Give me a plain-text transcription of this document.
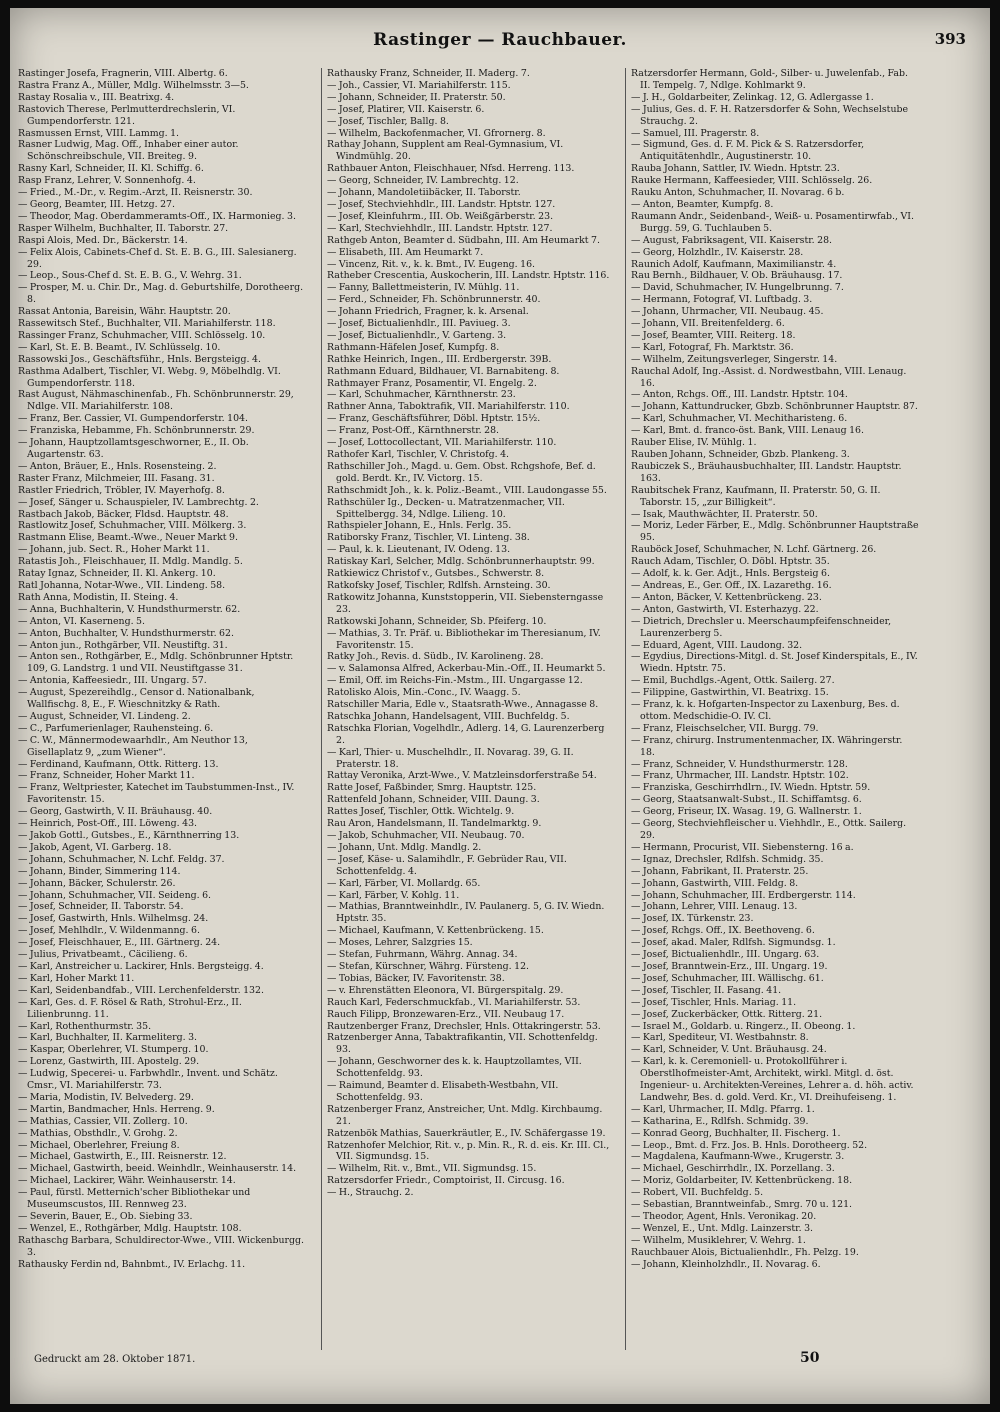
Rastinger — Rauchbauer.	393
Rastinger Josefa, Fragnerin, VIII. Albertg. 6.
Rastra Franz A., Müller, Mdlg. Wilhelmsstr. 3—5.
Rastay Rosalia v., III. Beatrixg. 4.
Rastovich Therese, Perlmutterdrechslerin, VI. Gumpendorferstr. 121.
Rasmussen Ernst, VIII. Lammg. 1.
Rasner Ludwig, Mag. Off., Inhaber einer autor. Schönschreibschule, VII. Breiteg. 9.
Rasny Karl, Schneider, II. Kl. Schiffg. 6.
Rasp Franz, Lehrer, V. Sonnenhofg. 4.
— Fried., M.-Dr., v. Regim.-Arzt, II. Reisnerstr. 30.
— Georg, Beamter, III. Hetzg. 27.
— Theodor, Mag. Oberdammeramts-Off., IX. Harmoniеg. 3.
Rasper Wilhelm, Buchhalter, II. Taborstr. 27.
Raspi Alois, Med. Dr., Bäckerstr. 14.
— Felix Alois, Cabinets-Chef d. St. E. B. G., III. Salesianerg. 29.
— Leop., Sous-Chef d. St. E. B. G., V. Wehrg. 31.
— Prosper, M. u. Chir. Dr., Mag. d. Geburtshilfe, Dorotheerg. 8.
Rassat Antonia, Bareisin, Währ. Hauptstr. 20.
Rassewitsch Stef., Buchhalter, VII. Mariahilferstr. 118.
Rassinger Franz, Schuhmacher, VIII. Schlösselg. 10.
— Karl, St. E. B. Beamt., IV. Schlüsselg. 10.
Rassowski Jos., Geschäftsführ., Hnls. Bergsteigg. 4.
Rasthma Adalbert, Tischler, VI. Webg. 9, Möbelhdlg. VI. Gumpendorferstr. 118.
Rast August, Nähmaschinenfab., Fh. Schönbrunnerstr. 29, Ndlge. VII. Mariahilferstr. 108.
— Franz, Ber. Cassier, VI. Gumpendorferstr. 104.
— Franziska, Hebamme, Fh. Schönbrunnerstr. 29.
— Johann, Hauptzollamtsgeschworner, E., II. Ob. Augartenstr. 63.
— Anton, Bräuer, E., Hnls. Rosensteing. 2.
Raster Franz, Milchmeier, III. Fasang. 31.
Rastler Friedrich, Tröbler, IV. Mayerhofg. 8.
— Josef, Sänger u. Schauspieler, IV. Lambrechtg. 2.
Rastbach Jakob, Bäcker, Fldsd. Hauptstr. 48.
Rastlowitz Josef, Schuhmacher, VIII. Mölkerg. 3.
Rastmann Elise, Beamt.-Wwe., Neuer Markt 9.
— Johann, jub. Sect. R., Hoher Markt 11.
Ratastis Joh., Fleischhauer, II. Mdlg. Mandlg. 5.
Ratay Ignaz, Schneider, II. Kl. Ankerg. 10.
Ratl Johanna, Notar-Wwe., VII. Lindeng. 58.
Rath Anna, Modistin, II. Steing. 4.
— Anna, Buchhalterin, V. Hundsthurmerstr. 62.
— Anton, VI. Kaserneng. 5.
— Anton, Buchhalter, V. Hundsthurmerstr. 62.
— Anton jun., Rothgärber, VII. Neustiftg. 31.
— Anton sen., Rothgärber, E., Mdlg. Schönbrunner Hptstr. 109, G. Landstrg. 1 und VII. Neustiftgasse 31.
— Antonia, Kaffeesiedr., III. Ungarg. 57.
— August, Spezereihdlg., Censor d. Nationalbank, Wallfischg. 8, E., F. Wieschnitzky & Rath.
— August, Schneider, VI. Lindeng. 2.
— C., Parfumerienlager, Rauhensteing. 6.
— C. W., Männermodewaarhdlr., Am Neuthor 13, Gisellaplatz 9, „zum Wiener“.
— Ferdinand, Kaufmann, Ottk. Ritterg. 13.
— Franz, Schneider, Hoher Markt 11.
— Franz, Weltpriester, Katechet im Taubstummen-Inst., IV. Favoritenstr. 15.
— Georg, Gastwirth, V. II. Bräuhausg. 40.
— Heinrich, Post-Off., III. Löweng. 43.
— Jakob Gottl., Gutsbes., E., Kärnthnerring 13.
— Jakob, Agent, VI. Garberg. 18.
— Johann, Schuhmacher, N. Lchf. Feldg. 37.
— Johann, Binder, Simmering 114.
— Johann, Bäcker, Schulerstr. 26.
— Johann, Schuhmacher, VII. Seideng. 6.
— Josef, Schneider, II. Taborstr. 54.
— Josef, Gastwirth, Hnls. Wilhelmsg. 24.
— Josef, Mehlhdlr., V. Wildenmanng. 6.
— Josef, Fleischhauer, E., III. Gärtnerg. 24.
— Julius, Privatbeamt., Cäcilieng. 6.
— Karl, Anstreicher u. Lackirer, Hnls. Bergsteigg. 4.
— Karl, Hoher Markt 11.
— Karl, Seidenbandfab., VIII. Lerchenfelderstr. 132.
— Karl, Ges. d. F. Rösel & Rath, Strohul-Erz., II. Lilienbrunng. 11.
— Karl, Rothenthurmstr. 35.
— Karl, Buchhalter, II. Karmeliterg. 3.
— Kaspar, Oberlehrer, VI. Stumperg. 10.
— Lorenz, Gastwirth, III. Apostelg. 29.
— Ludwig, Specerei- u. Farbwhdlr., Invent. und Schätz. Cmsr., VI. Mariahilferstr. 73.
— Maria, Modistin, IV. Belvederg. 29.
— Martin, Bandmacher, Hnls. Herreng. 9.
— Mathias, Cassier, VII. Zollerg. 10.
— Mathias, Obsthdlr., V. Grohg. 2.
— Michael, Oberlehrer, Freiung 8.
— Michael, Gastwirth, E., III. Reisnerstr. 12.
— Michael, Gastwirth, beeid. Weinhdlr., Weinhauserstr. 14.
— Michael, Lackirer, Währ. Weinhauserstr. 14.
— Paul, fürstl. Metternich'scher Bibliothekar und Museumscustos, III. Rennweg 23.
— Severin, Bauer, E., Ob. Siebing 33.
— Wenzel, E., Rothgärber, Mdlg. Hauptstr. 108.
Rathaschg Barbara, Schuldirector-Wwe., VIII. Wickenburgg. 3.
Rathausky Ferdin nd, Bahnbmt., IV. Erlachg. 11.
Rathausky Franz, Schneider, II. Maderg. 7.
— Joh., Cassier, VI. Mariahilferstr. 115.
— Johann, Schneider, II. Praterstr. 50.
— Josef, Platirer, VII. Kaiserstr. 6.
— Josef, Tischler, Ballg. 8.
— Wilhelm, Backofenmacher, VI. Gfrornerg. 8.
Rathay Johann, Supplent am Real-Gymnasium, VI. Windmühlg. 20.
Rathbauer Anton, Fleischhauer, Nfsd. Herreng. 113.
— Georg, Schneider, IV. Lambrechtg. 12.
— Johann, Mandoletiibäcker, II. Taborstr.
— Josef, Stechviehhdlr., III. Landstr. Hptstr. 127.
— Josef, Kleinfuhrm., III. Ob. Weißgärberstr. 23.
— Karl, Stechviehhdlr., III. Landstr. Hptstr. 127.
Rathgeb Anton, Beamter d. Südbahn, III. Am Heumarkt 7.
— Elisabeth, III. Am Heumarkt 7.
— Vincenz, Rit. v., k. k. Bmt., IV. Eugeng. 16.
Ratheber Crescentia, Auskocherin, III. Landstr. Hptstr. 116.
— Fanny, Ballettmeisterin, IV. Mühlg. 11.
— Ferd., Schneider, Fh. Schönbrunnerstr. 40.
— Johann Friedrich, Fragner, k. k. Arsenal.
— Josef, Bictualienhdlr., III. Paviueg. 3.
— Josef, Bictualienhdlr., V. Garteng. 3.
Rathmann-Häfelen Josef, Kumpfg. 8.
Rathke Heinrich, Ingen., III. Erdbergerstr. 39B.
Rathmann Eduard, Bildhauer, VI. Barnabiteng. 8.
Rathmayer Franz, Posamentir, VI. Engelg. 2.
— Karl, Schuhmacher, Kärnthnerstr. 23.
Rathner Anna, Taboktrafik, VII. Mariahilferstr. 110.
— Franz, Geschäftsführer, Döbl. Hptstr. 15½.
— Franz, Post-Off., Kärnthnerstr. 28.
— Josef, Lottocollectant, VII. Mariahilferstr. 110.
Rathofer Karl, Tischler, V. Christofg. 4.
Rathschiller Joh., Magd. u. Gem. Obst. Rchgshofe, Bef. d. gold. Berdt. Kr., IV. Victorg. 15.
Rathschmidt Joh., k. k. Poliz.-Beamt., VIII. Laudongasse 55.
Rathschüler Ig., Decken- u. Matratzenmacher, VII. Spittelbergg. 34, Ndlge. Lilieng. 10.
Rathspieler Johann, E., Hnls. Ferlg. 35.
Ratiborsky Franz, Tischler, VI. Linteng. 38.
— Paul, k. k. Lieutenant, IV. Odeng. 13.
Ratiskay Karl, Selcher, Mdlg. Schönbrunnerhauptstr. 99.
Ratkiewicz Christof v., Gutsbes., Schwerstr. 8.
Ratkofsky Josef, Tischler, Rdlfsh. Arnsteing. 30.
Ratkowitz Johanna, Kunststopperin, VII. Siebensterngasse 23.
Ratkowski Johann, Schneider, Sb. Pfeiferg. 10.
— Mathias, 3. Tr. Präf. u. Bibliothekar im Theresianum, IV. Favoritenstr. 15.
Ratky Joh., Revis. d. Südb., IV. Karolineng. 28.
— v. Salamonsa Alfred, Ackerbau-Min.-Off., II. Heumarkt 5.
— Emil, Off. im Reichs-Fin.-Mstm., III. Ungargasse 12.
Ratolisko Alois, Min.-Conc., IV. Waagg. 5.
Ratschiller Maria, Edle v., Staatsrath-Wwe., Annagasse 8.
Ratschka Johann, Handelsagent, VIII. Buchfeldg. 5.
Ratschka Florian, Vogelhdlr., Adlerg. 14, G. Laurenzerberg 2.
— Karl, Thier- u. Muschelhdlr., II. Novarag. 39, G. II. Praterstr. 18.
Rattay Veronika, Arzt-Wwe., V. Matzleinsdorferstraße 54.
Ratte Josef, Faßbinder, Smrg. Hauptstr. 125.
Rattenfeld Johann, Schneider, VIII. Daung. 3.
Rattes Josef, Tischler, Ottk. Wichtelg. 9.
Rau Aron, Handelsmann, II. Tandelmarktg. 9.
— Jakob, Schuhmacher, VII. Neubaug. 70.
— Johann, Unt. Mdlg. Mandlg. 2.
— Josef, Käse- u. Salamihdlr., F. Gebrüder Rau, VII. Schottenfeldg. 4.
— Karl, Färber, VI. Mollardg. 65.
— Karl, Färber, V. Kohlg. 11.
— Mathias, Branntweinhdlr., IV. Paulanerg. 5, G. IV. Wiedn. Hptstr. 35.
— Michael, Kaufmann, V. Kettenbrückeng. 15.
— Moses, Lehrer, Salzgries 15.
— Stefan, Fuhrmann, Währg. Annag. 34.
— Stefan, Kürschner, Währg. Fürsteng. 12.
— Tobias, Bäcker, IV. Favoritenstr. 38.
— v. Ehrenstätten Eleonora, VI. Bürgerspitalg. 29.
Rauch Karl, Federschmuckfab., VI. Mariahilferstr. 53.
Rauch Filipp, Bronzewaren-Erz., VII. Neubaug 17.
Rautzenberger Franz, Drechsler, Hnls. Ottakringerstr. 53.
Ratzenberger Anna, Tabaktrafikantin, VII. Schottenfeldg. 93.
— Johann, Geschworner des k. k. Hauptzollamtes, VII. Schottenfeldg. 93.
— Raimund, Beamter d. Elisabeth-Westbahn, VII. Schottenfeldg. 93.
Ratzenberger Franz, Anstreicher, Unt. Mdlg. Kirchbaumg. 21.
Ratzenbök Mathias, Sauerkräutler, E., IV. Schäfergasse 19.
Ratzenhofer Melchior, Rit. v., p. Min. R., R. d. eis. Kr. III. Cl., VII. Sigmundsg. 15.
— Wilhelm, Rit. v., Bmt., VII. Sigmundsg. 15.
Ratzersdorfer Friedr., Comptoirist, II. Circusg. 16.
— H., Strauchg. 2.
Ratzersdorfer Hermann, Gold-, Silber- u. Juwelenfab., Fab. II. Tempelg. 7, Ndlge. Kohlmarkt 9.
— J. H., Goldarbeiter, Zelinkag. 12, G. Adlergasse 1.
— Julius, Ges. d. F. H. Ratzersdorfer & Sohn, Wechselstube Strauchg. 2.
— Samuel, III. Pragerstr. 8.
— Sigmund, Ges. d. F. M. Pick & S. Ratzersdorfer, Antiquitätenhdlr., Augustinerstr. 10.
Rauba Johann, Sattler, IV. Wiedn. Hptstr. 23.
Rauke Hermann, Kaffeesieder, VIII. Schlösselg. 26.
Rauku Anton, Schuhmacher, II. Novarag. 6 b.
— Anton, Beamter, Kumpfg. 8.
Raumann Andr., Seidenband-, Weiß- u. Posamentirwfab., VI. Burgg. 59, G. Tuchlauben 5.
— August, Fabriksagent, VII. Kaiserstr. 28.
— Georg, Holzhdlr., IV. Kaiserstr. 28.
Raunich Adolf, Kaufmann, Maximilianstr. 4.
Rau Bernh., Bildhauer, V. Ob. Bräuhausg. 17.
— David, Schuhmacher, IV. Hungelbrunng. 7.
— Hermann, Fotograf, VI. Luftbadg. 3.
— Johann, Uhrmacher, VII. Neubaug. 45.
— Johann, VII. Breitenfelderg. 6.
— Josef, Beamter, VIII. Reiterg. 18.
— Karl, Fotograf, Fh. Marktstr. 36.
— Wilhelm, Zeitungsverleger, Singerstr. 14.
Rauchal Adolf, Ing.-Assist. d. Nordwestbahn, VIII. Lenaug. 16.
— Anton, Rchgs. Off., III. Landstr. Hptstr. 104.
— Johann, Kattundrucker, Gbzb. Schönbrunner Hauptstr. 87.
— Karl, Schuhmacher, VI. Mechitharisteng. 6.
— Karl, Bmt. d. franco-öst. Bank, VIII. Lenaug 16.
Rauber Elise, IV. Mühlg. 1.
Rauben Johann, Schneider, Gbzb. Plankeng. 3.
Raubiczek S., Bräuhausbuchhalter, III. Landstr. Hauptstr. 163.
Raubitschek Franz, Kaufmann, II. Praterstr. 50, G. II. Taborstr. 15, „zur Billigkeit“.
— Isak, Mauthwächter, II. Praterstr. 50.
— Moriz, Leder Färber, E., Mdlg. Schönbrunner Hauptstraße 95.
Rauböck Josef, Schuhmacher, N. Lchf. Gärtnerg. 26.
Rauch Adam, Tischler, O. Döbl. Hptstr. 35.
— Adolf, k. k. Ger. Adjt., Hnls. Bergsteig 6.
— Andreas, E., Ger. Off., IX. Lazarethg. 16.
— Anton, Bäcker, V. Kettenbrückeng. 23.
— Anton, Gastwirth, VI. Esterhazyg. 22.
— Dietrich, Drechsler u. Meerschaumpfeifenschneider, Laurenzerberg 5.
— Eduard, Agent, VIII. Laudong. 32.
— Egydius, Directions-Mitgl. d. St. Josef Kinderspitals, E., IV. Wiedn. Hptstr. 75.
— Emil, Buchdlgs.-Agent, Ottk. Sailerg. 27.
— Filippine, Gastwirthin, VI. Beatrixg. 15.
— Franz, k. k. Hofgarten-Inspector zu Laxenburg, Bes. d. ottom. Medschidie-O. IV. Cl.
— Franz, Fleischselcher, VII. Burgg. 79.
— Franz, chirurg. Instrumentenmacher, IX. Währingerstr. 18.
— Franz, Schneider, V. Hundsthurmerstr. 128.
— Franz, Uhrmacher, III. Landstr. Hptstr. 102.
— Franziska, Geschirrhdlrn., IV. Wiedn. Hptstr. 59.
— Georg, Staatsanwalt-Subst., II. Schiffamtsg. 6.
— Georg, Friseur, IX. Wasag. 19, G. Wallnerstr. 1.
— Georg, Stechviehfleischer u. Viehhdlr., E., Ottk. Sailerg. 29.
— Hermann, Procurist, VII. Siebensterng. 16 a.
— Ignaz, Drechsler, Rdlfsh. Schmidg. 35.
— Johann, Fabrikant, II. Praterstr. 25.
— Johann, Gastwirth, VIII. Feldg. 8.
— Johann, Schuhmacher, III. Erdbergerstr. 114.
— Johann, Lehrer, VIII. Lenaug. 13.
— Josef, IX. Türkenstr. 23.
— Josef, Rchgs. Off., IX. Beethoveng. 6.
— Josef, akad. Maler, Rdlfsh. Sigmundsg. 1.
— Josef, Bictualienhdlr., III. Ungarg. 63.
— Josef, Branntwein-Erz., III. Ungarg. 19.
— Josef, Schuhmacher, III. Wällischg. 61.
— Josef, Tischler, II. Fasang. 41.
— Josef, Tischler, Hnls. Mariag. 11.
— Josef, Zuckerbäcker, Ottk. Ritterg. 21.
— Israel M., Goldarb. u. Ringerz., II. Obeong. 1.
— Karl, Spediteur, VI. Westbahnstr. 8.
— Karl, Schneider, V. Unt. Bräuhausg. 24.
— Karl, k. k. Ceremoniell- u. Protokollführer i. Oberstlhofmeister-Amt, Architekt, wirkl. Mitgl. d. öst. Ingenieur- u. Architekten-Vereines, Lehrer a. d. höh. activ. Landwehr, Bes. d. gold. Verd. Kr., VI. Dreihufeiseng. 1.
— Karl, Uhrmacher, II. Mdlg. Pfarrg. 1.
— Katharina, E., Rdlfsh. Schmidg. 39.
— Konrad Georg, Buchhalter, II. Fischerg. 1.
— Leop., Bmt. d. Frz. Jos. B. Hnls. Dorotheerg. 52.
— Magdalena, Kaufmann-Wwe., Krugerstr. 3.
— Michael, Geschirrhdlr., IX. Porzellang. 3.
— Moriz, Goldarbeiter, IV. Kettenbrückeng. 18.
— Robert, VII. Buchfeldg. 5.
— Sebastian, Branntweinfab., Smrg. 70 u. 121.
— Theodor, Agent, Hnls. Veronikag. 20.
— Wenzel, E., Unt. Mdlg. Lainzerstr. 3.
— Wilhelm, Musiklehrer, V. Wehrg. 1.
Rauchbauer Alois, Bictualienhdlr., Fh. Pelzg. 19.
— Johann, Kleinholzhdlr., II. Novarag. 6.
Gedruckt am 28. Oktober 1871.	50
